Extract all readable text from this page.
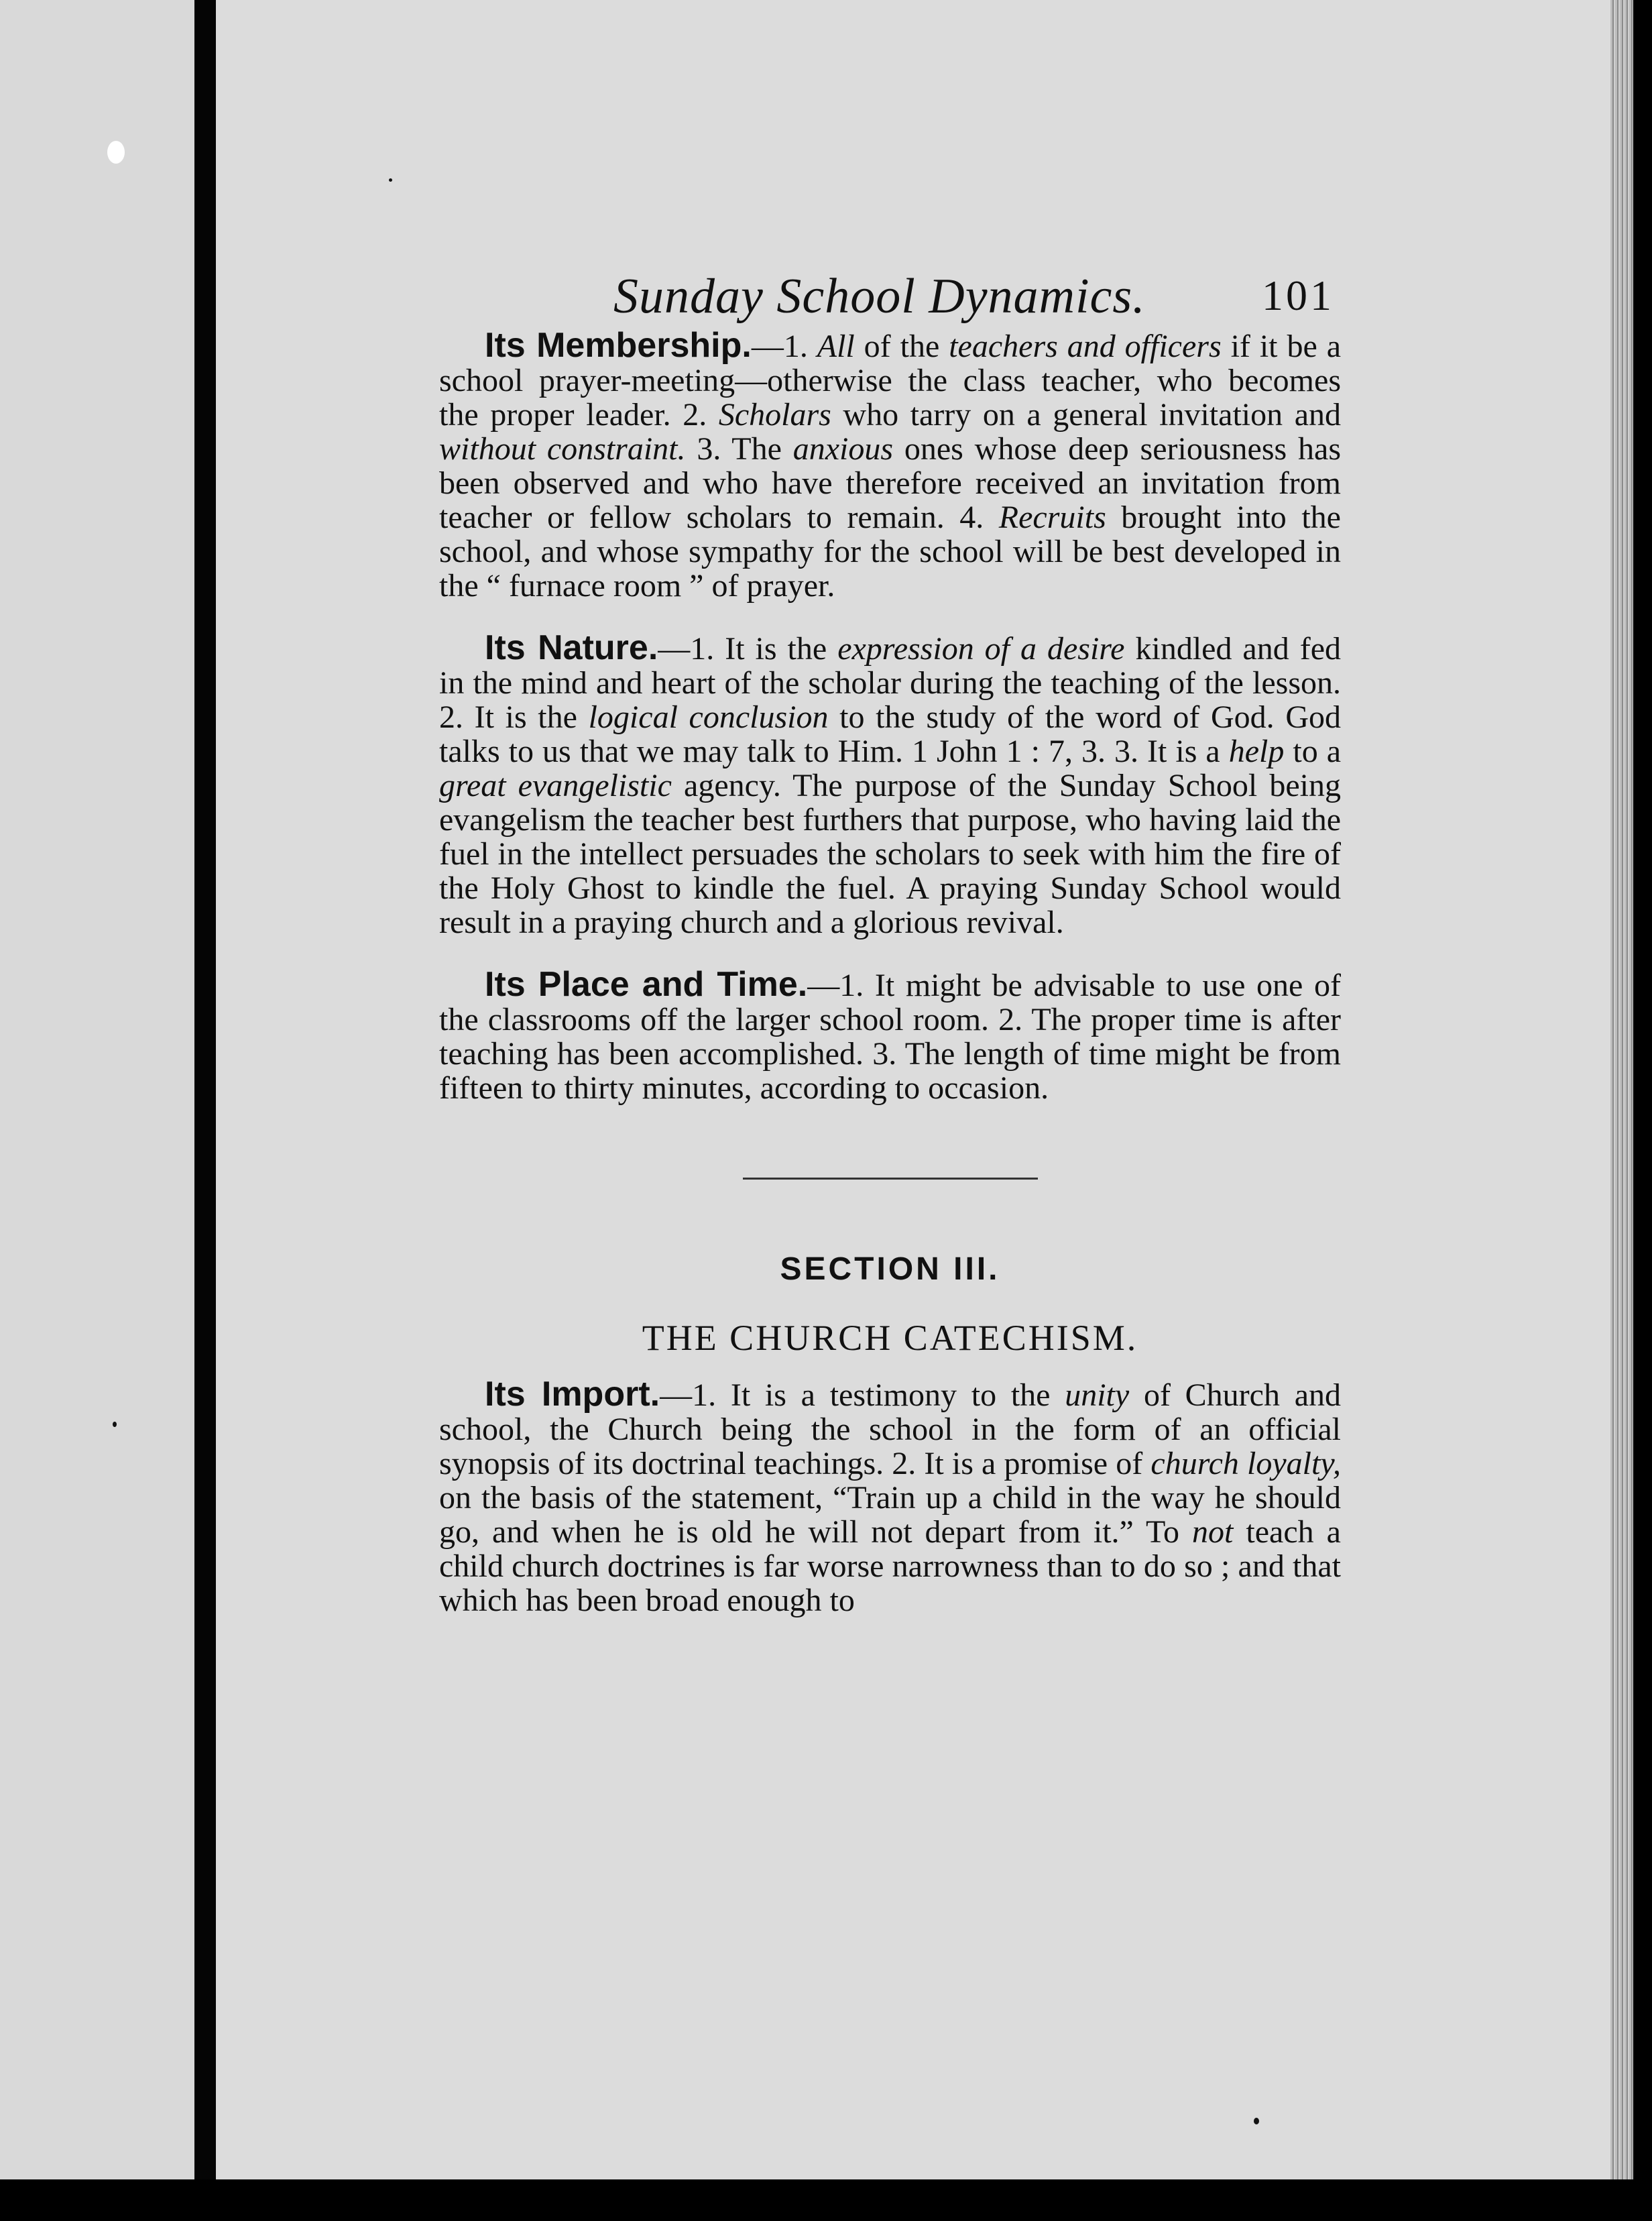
Sunday School Dynamics.	101

Its Membership.—1. All of the teachers and officers if it be a school prayer-meeting—otherwise the class teacher, who becomes the proper leader. 2. Scholars who tarry on a general invitation and without constraint. 3. The anxious ones whose deep seriousness has been observed and who have therefore received an invitation from teacher or fellow scholars to remain. 4. Recruits brought into the school, and whose sympathy for the school will be best developed in the “ furnace room ” of prayer.

Its Nature.—1. It is the expression of a desire kindled and fed in the mind and heart of the scholar during the teaching of the lesson. 2. It is the logical conclusion to the study of the word of God. God talks to us that we may talk to Him. 1 John 1 : 7, 3. 3. It is a help to a great evangelistic agency. The purpose of the Sunday School being evangelism the teacher best furthers that purpose, who having laid the fuel in the intellect persuades the scholars to seek with him the fire of the Holy Ghost to kindle the fuel. A praying Sunday School would result in a praying church and a glorious revival.

Its Place and Time.—1. It might be advisable to use one of the classrooms off the larger school room. 2. The proper time is after teaching has been accomplished. 3. The length of time might be from fifteen to thirty minutes, according to occasion.

SECTION III.
THE CHURCH CATECHISM.

Its Import.—1. It is a testimony to the unity of Church and school, the Church being the school in the form of an official synopsis of its doctrinal teachings. 2. It is a promise of church loyalty, on the basis of the statement, “Train up a child in the way he should go, and when he is old he will not depart from it.” To not teach a child church doctrines is far worse narrowness than to do so ; and that which has been broad enough to
